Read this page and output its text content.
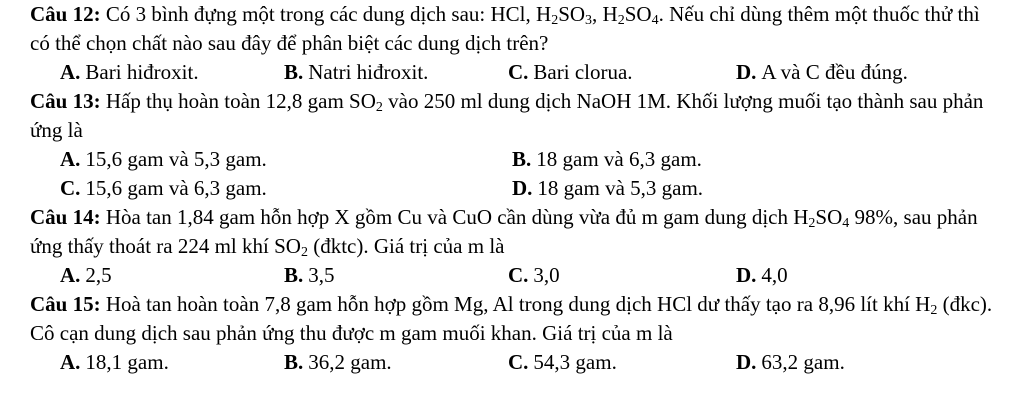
Câu 12: Có 3 bình đựng một trong các dung dịch sau: HCl, $H_2SO_3$, $H_2SO_4$. Nếu chỉ dùng thêm một thuốc thử thì có thể chọn chất nào sau đây để phân biệt các dung dịch trên?

A. Bari hiđroxit.	B. Natri hiđroxit.	C. Bari clorua.	D. A và C đều đúng.

Câu 13: Hấp thụ hoàn toàn 12,8 gam $SO_2$ vào 250 ml dung dịch NaOH 1M. Khối lượng muối tạo thành sau phản ứng là

A. 15,6 gam và 5,3 gam.	B. 18 gam và 6,3 gam.
C. 15,6 gam và 6,3 gam.	D. 18 gam và 5,3 gam.

Câu 14: Hòa tan 1,84 gam hỗn hợp X gồm Cu và CuO cần dùng vừa đủ m gam dung dịch $H_2SO_4$ 98%, sau phản ứng thấy thoát ra 224 ml khí $SO_2$ (đktc). Giá trị của m là

A. 2,5	B. 3,5	C. 3,0	D. 4,0

Câu 15: Hoà tan hoàn toàn 7,8 gam hỗn hợp gồm Mg, Al trong dung dịch HCl dư thấy tạo ra 8,96 lít khí $H_2$ (đkc). Cô cạn dung dịch sau phản ứng thu được m gam muối khan. Giá trị của m là

A. 18,1 gam.	B. 36,2 gam.	C. 54,3 gam.	D. 63,2 gam.
